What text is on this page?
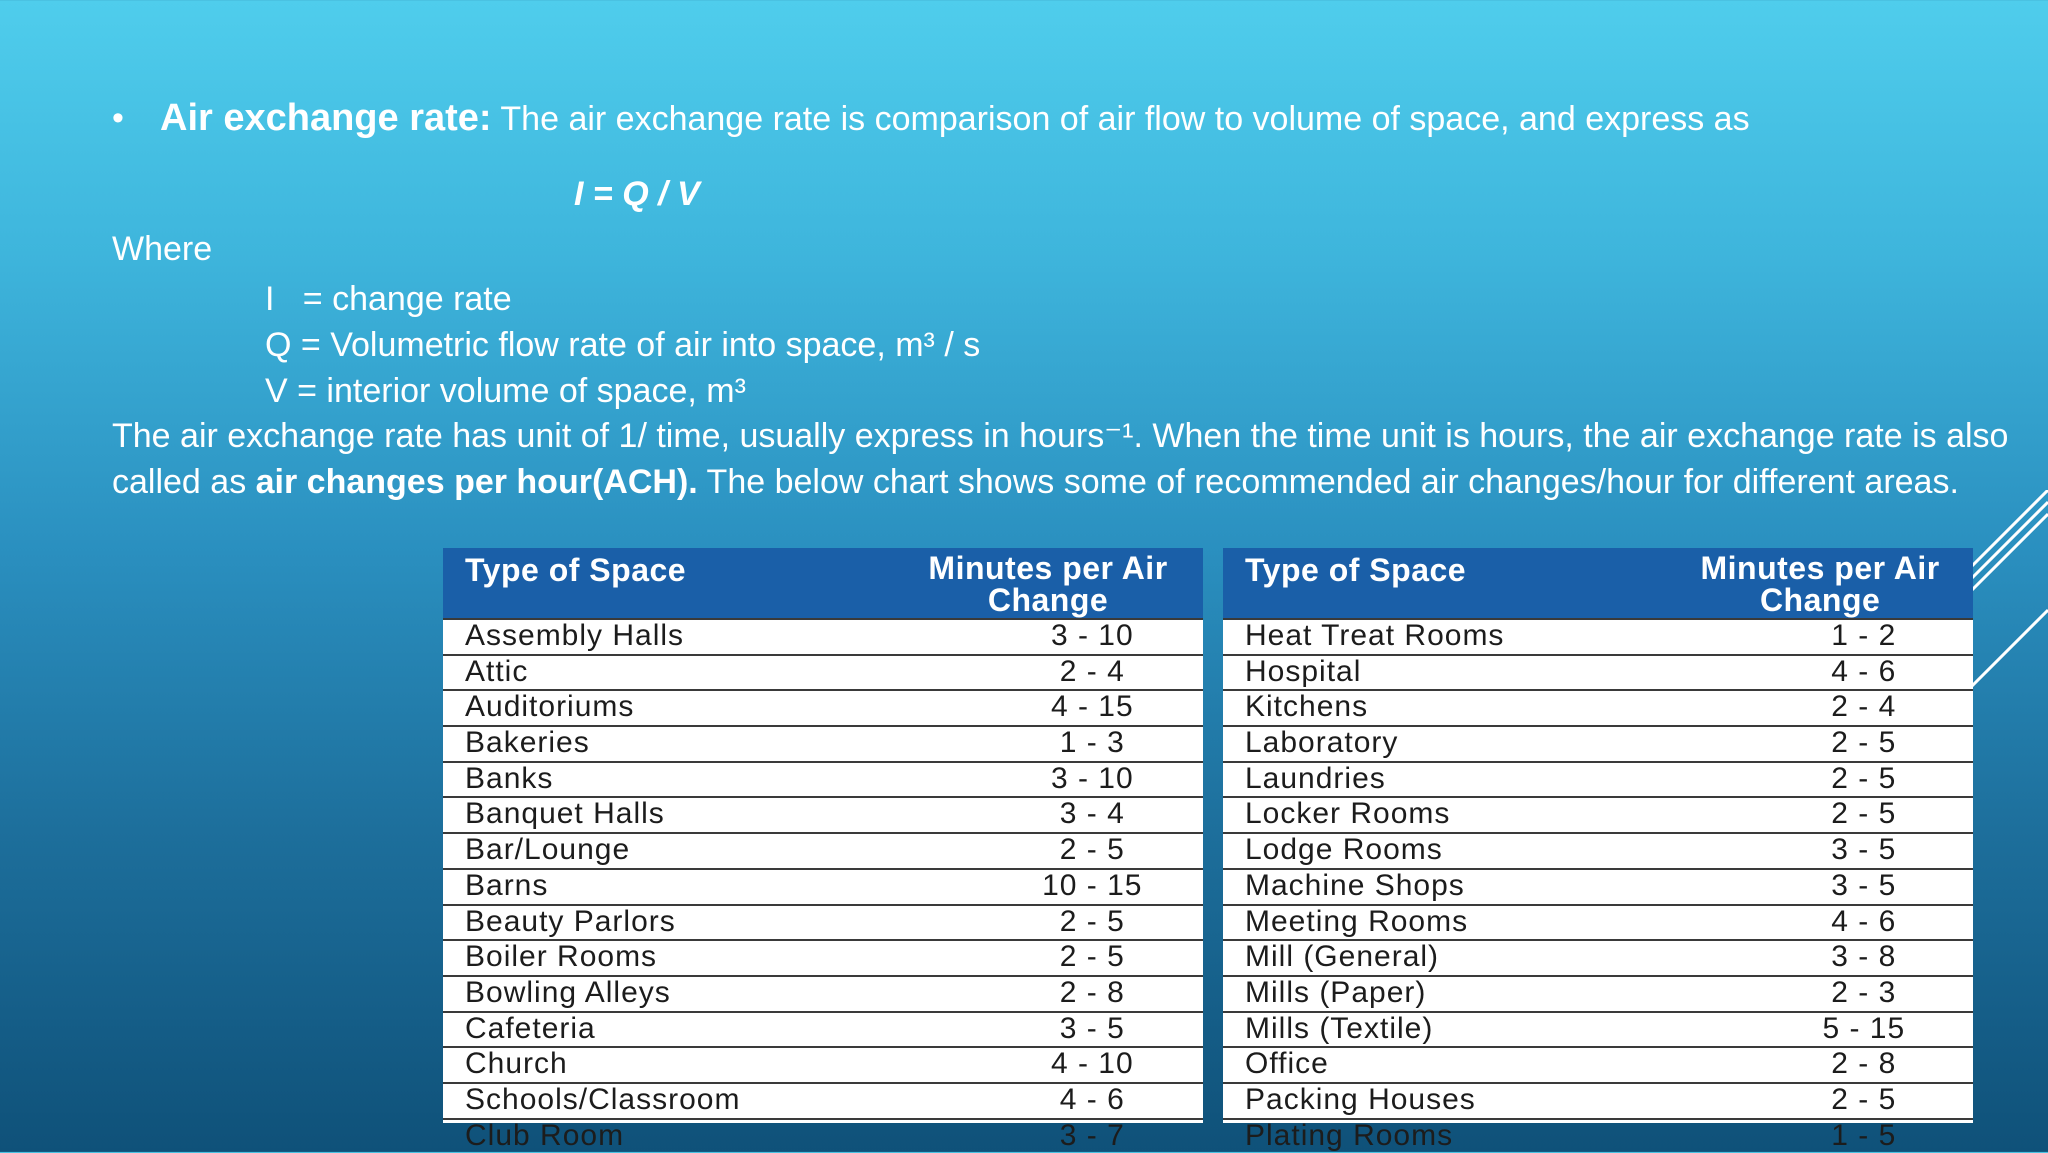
• Air exchange rate: The air exchange rate is comparison of air flow to volume of space, and express as
I = Q / V
Where
I   = change rate
Q = Volumetric flow rate of air into space, m³ / s
V = interior volume of space, m³
The air exchange rate has unit of 1/ time, usually express in hours⁻¹. When the time unit is hours, the air exchange rate is also called as air changes per hour(ACH). The below chart shows some of recommended air changes/hour for different areas.
Type of Space	Minutes per Air Change
Assembly Halls	3 - 10
Attic	2 - 4
Auditoriums	4 - 15
Bakeries	1 - 3
Banks	3 - 10
Banquet Halls	3 - 4
Bar/Lounge	2 - 5
Barns	10 - 15
Beauty Parlors	2 - 5
Boiler Rooms	2 - 5
Bowling Alleys	2 - 8
Cafeteria	3 - 5
Church	4 - 10
Schools/Classroom	4 - 6
Club Room	3 - 7
Type of Space	Minutes per Air Change
Heat Treat Rooms	1 - 2
Hospital	4 - 6
Kitchens	2 - 4
Laboratory	2 - 5
Laundries	2 - 5
Locker Rooms	2 - 5
Lodge Rooms	3 - 5
Machine Shops	3 - 5
Meeting Rooms	4 - 6
Mill (General)	3 - 8
Mills (Paper)	2 - 3
Mills (Textile)	5 - 15
Office	2 - 8
Packing Houses	2 - 5
Plating Rooms	1 - 5
